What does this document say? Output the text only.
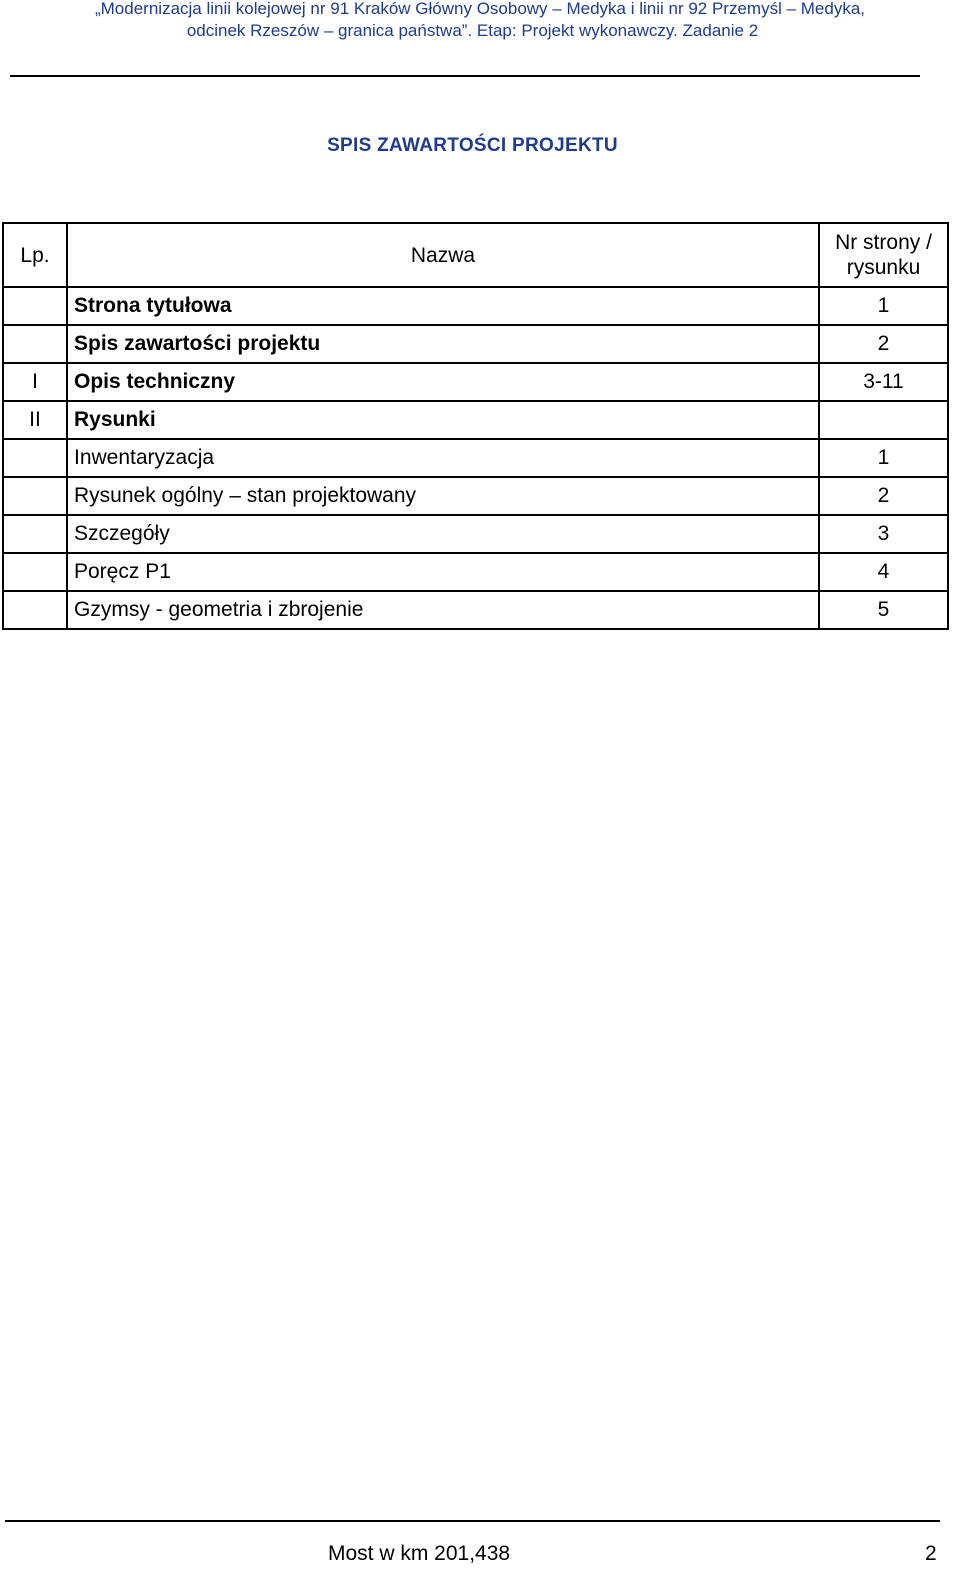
„Modernizacja linii kolejowej nr 91 Kraków Główny Osobowy – Medyka i linii nr 92 Przemyśl – Medyka,
odcinek Rzeszów – granica państwa”. Etap: Projekt wykonawczy. Zadanie 2
SPIS ZAWARTOŚCI PROJEKTU
Lp.	Nazwa	Nr strony / rysunku
	Strona tytułowa	1
	Spis zawartości projektu	2
I	Opis techniczny	3-11
II	Rysunki	
	Inwentaryzacja	1
	Rysunek ogólny – stan projektowany	2
	Szczegóły	3
	Poręcz P1	4
	Gzymsy - geometria i zbrojenie	5
Most w km 201,438	2
